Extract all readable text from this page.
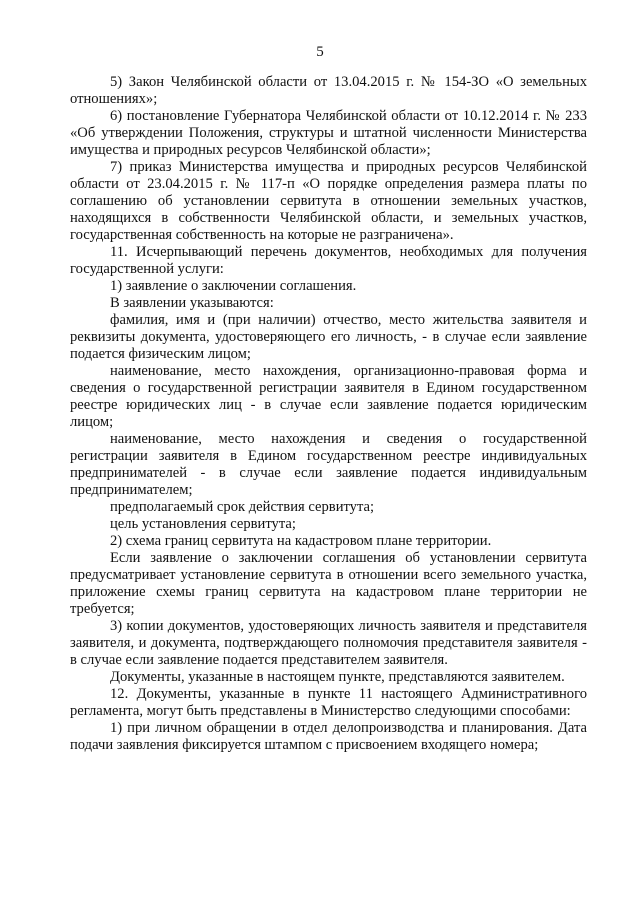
5

5) Закон Челябинской области от 13.04.2015 г. № 154-ЗО «О земельных отношениях»;

6) постановление Губернатора Челябинской области от 10.12.2014 г. № 233 «Об утверждении Положения, структуры и штатной численности Министерства имущества и природных ресурсов Челябинской области»;

7) приказ Министерства имущества и природных ресурсов Челябинской области от 23.04.2015 г. № 117-п «О порядке определения размера платы по соглашению об установлении сервитута в отношении земельных участков, находящихся в собственности Челябинской области, и земельных участков, государственная собственность на которые не разграничена».

11. Исчерпывающий перечень документов, необходимых для получения государственной услуги:

1) заявление о заключении соглашения.

В заявлении указываются:

фамилия, имя и (при наличии) отчество, место жительства заявителя и реквизиты документа, удостоверяющего его личность, - в случае если заявление подается физическим лицом;

наименование, место нахождения, организационно-правовая форма и сведения о государственной регистрации заявителя в Едином государственном реестре юридических лиц - в случае если заявление подается юридическим лицом;

наименование, место нахождения и сведения о государственной регистрации заявителя в Едином государственном реестре индивидуальных предпринимателей - в случае если заявление подается индивидуальным предпринимателем;

предполагаемый срок действия сервитута;

цель установления сервитута;

2) схема границ сервитута на кадастровом плане территории.

Если заявление о заключении соглашения об установлении сервитута предусматривает установление сервитута в отношении всего земельного участка, приложение схемы границ сервитута на кадастровом плане территории не требуется;

3) копии документов, удостоверяющих личность заявителя и представителя заявителя, и документа, подтверждающего полномочия представителя заявителя - в случае если заявление подается представителем заявителя.

Документы, указанные в настоящем пункте, представляются заявителем.

12. Документы, указанные в пункте 11 настоящего Административного регламента, могут быть представлены в Министерство следующими способами:

1) при личном обращении в отдел делопроизводства и планирования. Дата подачи заявления фиксируется штампом с присвоением входящего номера;
